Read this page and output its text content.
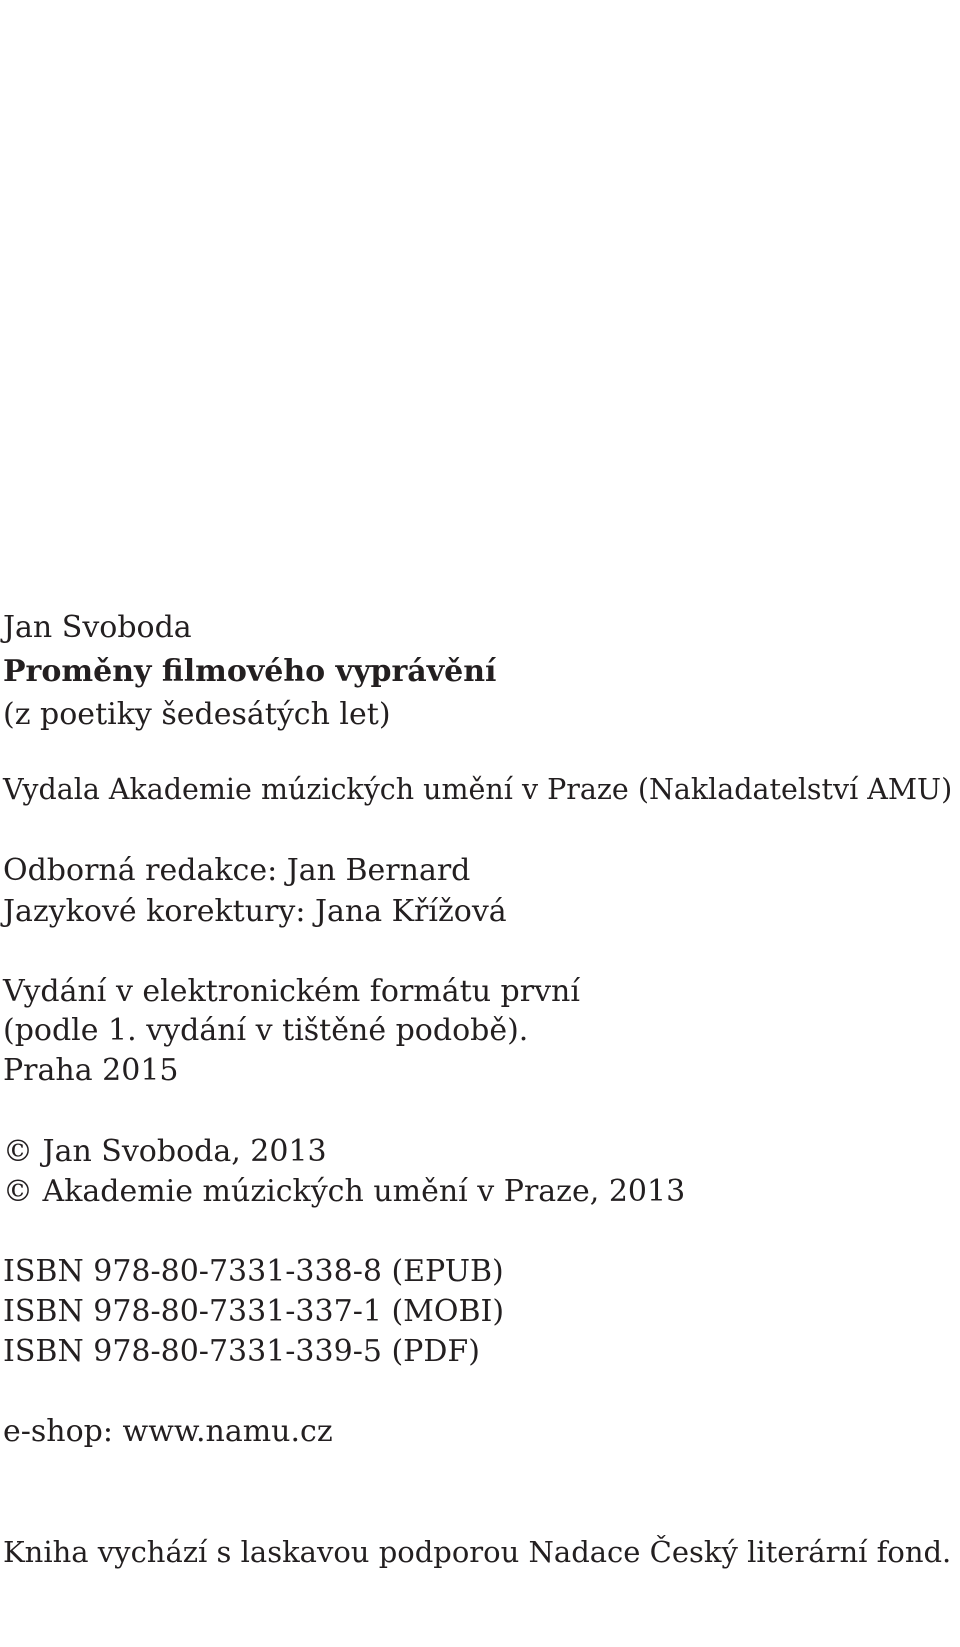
Jan Svoboda

Proměny filmového vyprávění

(z poetiky šedesátých let)

Vydala Akademie múzických umění v Praze (Nakladatelství AMU)

Odborná redakce: Jan Bernard

Jazykové korektury: Jana Křížová

Vydání v elektronickém formátu první

(podle 1. vydání v tištěné podobě).

Praha 2015

© Jan Svoboda, 2013

© Akademie múzických umění v Praze, 2013

ISBN 978-80-7331-338-8 (EPUB)

ISBN 978-80-7331-337-1 (MOBI)

ISBN 978-80-7331-339-5 (PDF)

e-shop: www.namu.cz

Kniha vychází s laskavou podporou Nadace Český literární fond.
